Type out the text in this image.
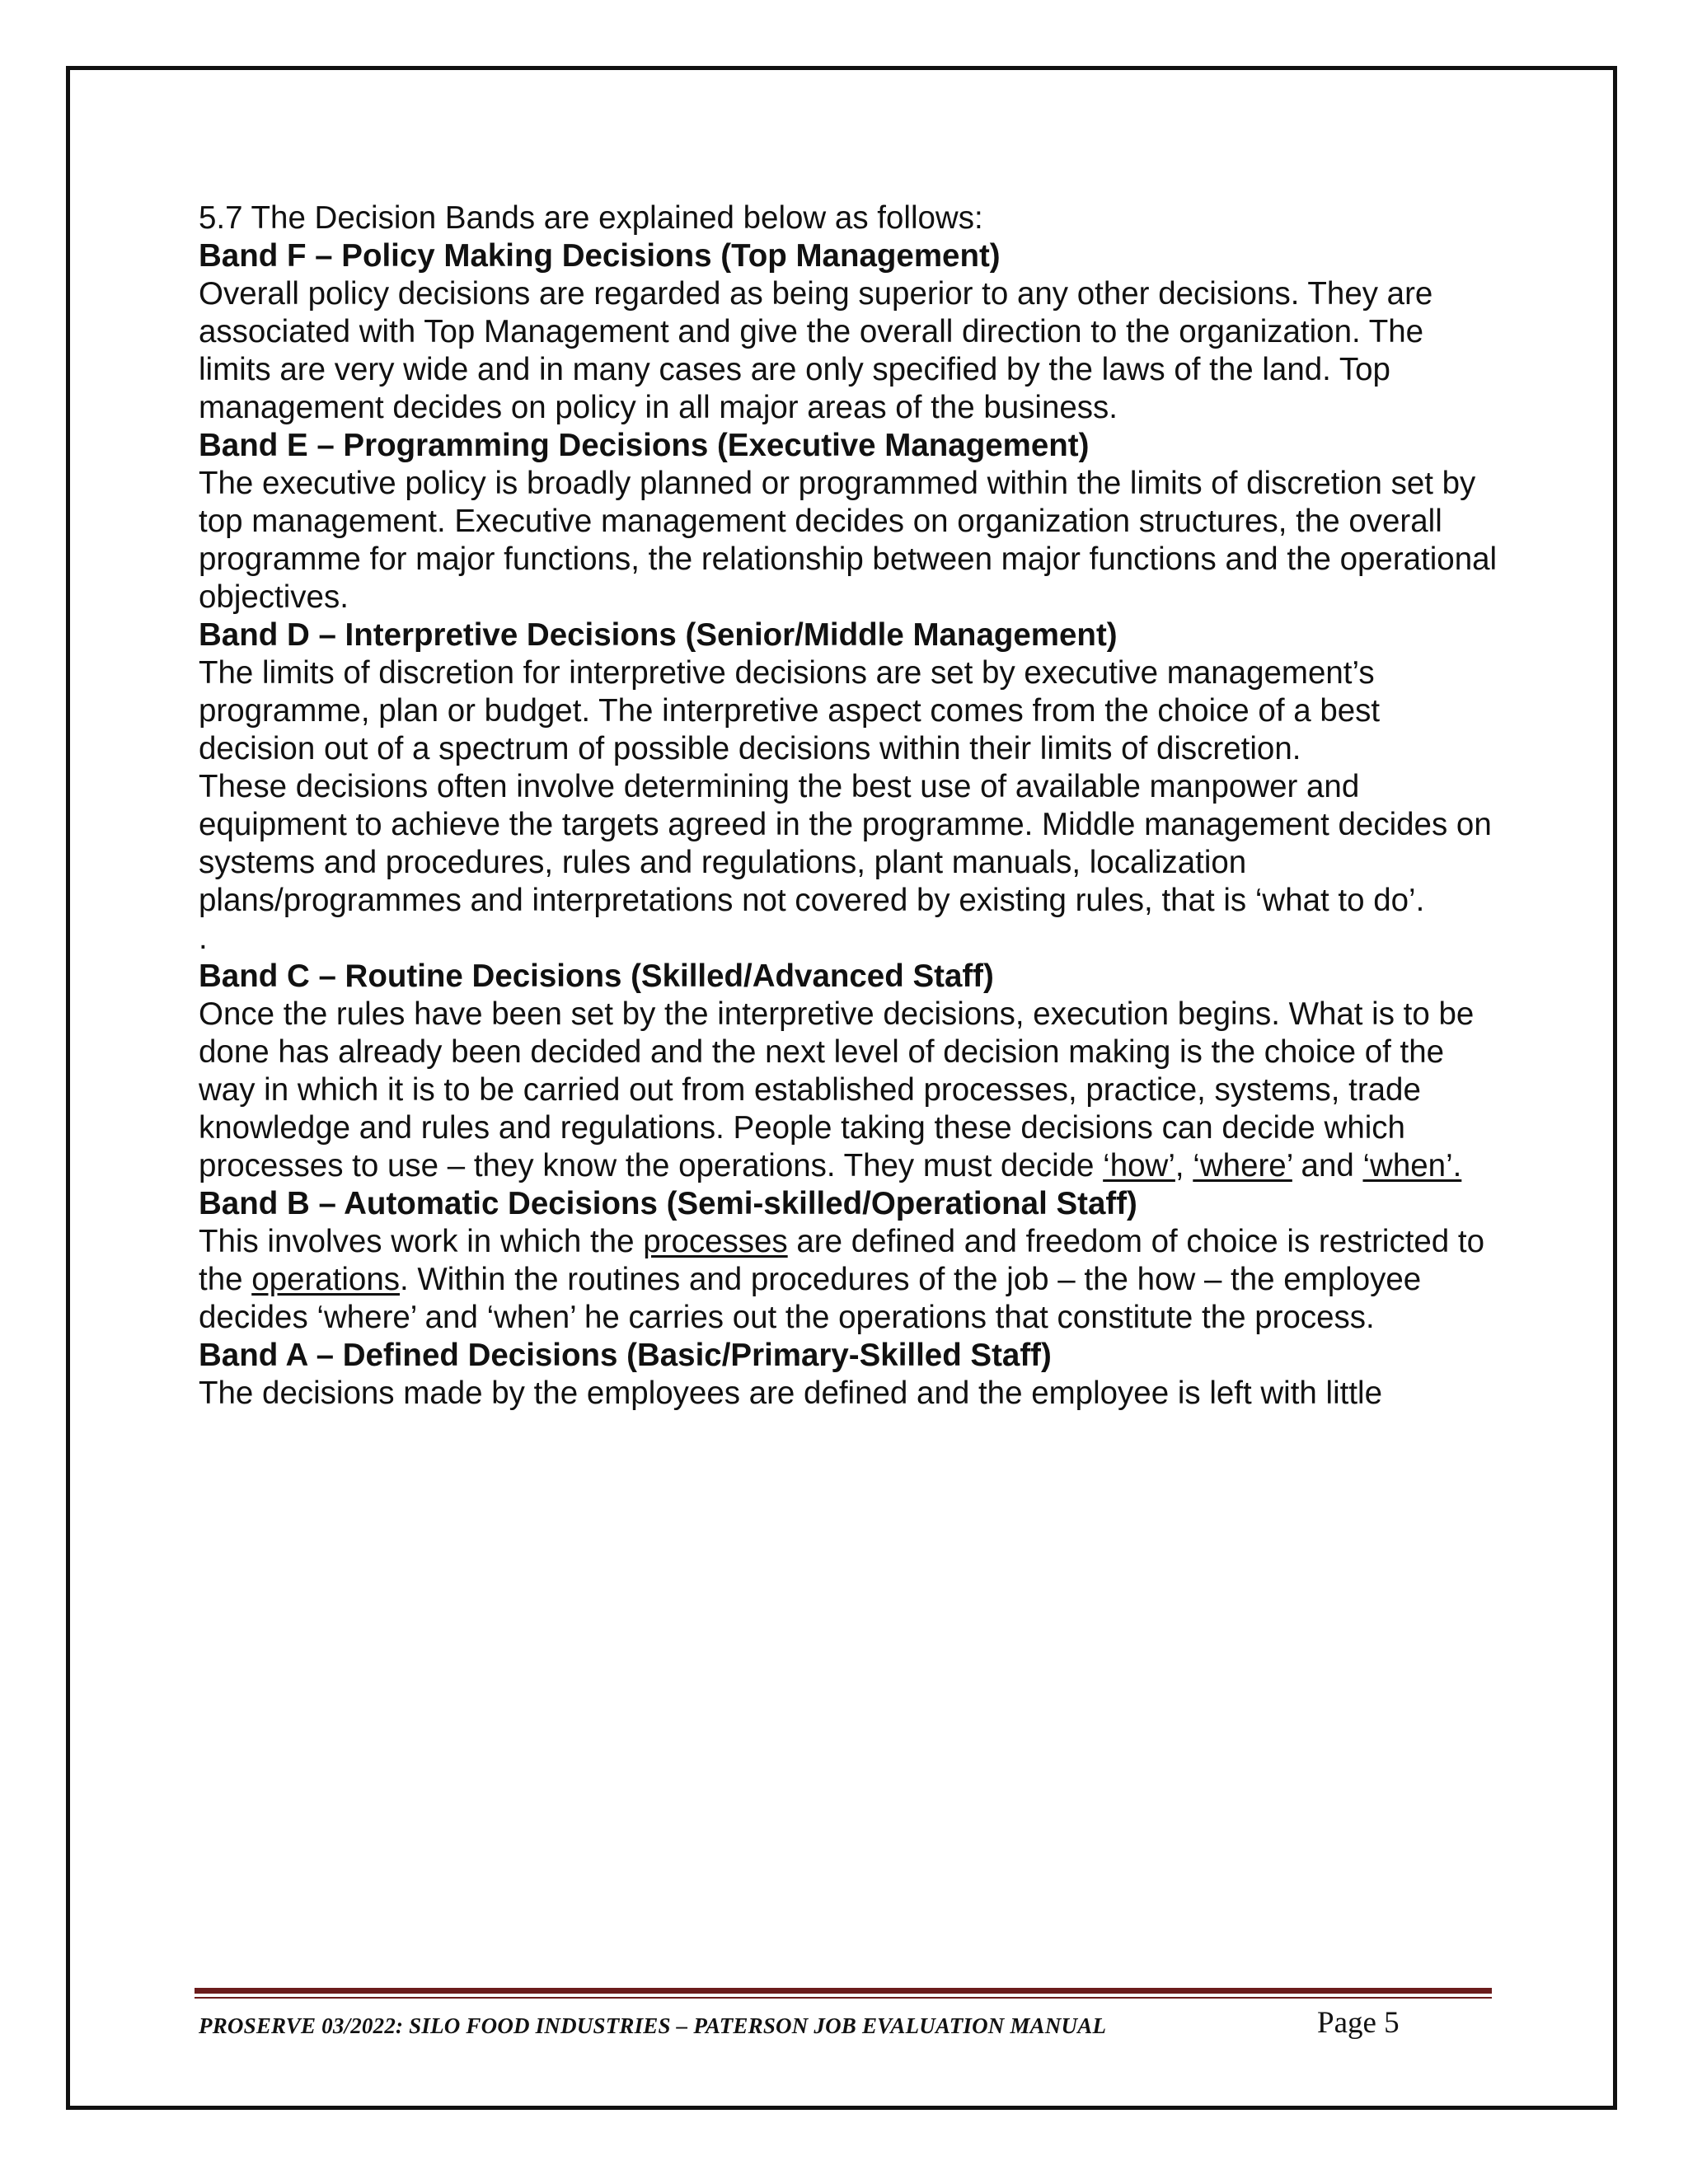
5.7 The Decision Bands are explained below as follows:

Band F – Policy Making Decisions (Top Management)

Overall policy decisions are regarded as being superior to any other decisions. They are associated with Top Management and give the overall direction to the organization. The limits are very wide and in many cases are only specified by the laws of the land. Top management decides on policy in all major areas of the business.

Band E – Programming Decisions (Executive Management)

The executive policy is broadly planned or programmed within the limits of discretion set by top management. Executive management decides on organization structures, the overall programme for major functions, the relationship between major functions and the operational objectives.

Band D – Interpretive Decisions (Senior/Middle Management)

The limits of discretion for interpretive decisions are set by executive management’s programme, plan or budget. The interpretive aspect comes from the choice of a best decision out of a spectrum of possible decisions within their limits of discretion.

These decisions often involve determining the best use of available manpower and equipment to achieve the targets agreed in the programme. Middle management decides on systems and procedures, rules and regulations, plant manuals, localization plans/programmes and interpretations not covered by existing rules, that is ‘what to do’.

.

Band C – Routine Decisions (Skilled/Advanced Staff)

Once the rules have been set by the interpretive decisions, execution begins. What is to be done has already been decided and the next level of decision making is the choice of the way in which it is to be carried out from established processes, practice, systems, trade knowledge and rules and regulations. People taking these decisions can decide which processes to use – they know the operations. They must decide ‘how’, ‘where’ and ‘when’.

Band B – Automatic Decisions (Semi-skilled/Operational Staff)

This involves work in which the processes are defined and freedom of choice is restricted to the operations. Within the routines and procedures of the job – the how – the employee decides ‘where’ and ‘when’ he carries out the operations that constitute the process.

Band A – Defined Decisions (Basic/Primary-Skilled Staff)

The decisions made by the employees are defined and the employee is left with little

PROSERVE 03/2022: SILO FOOD INDUSTRIES – PATERSON JOB EVALUATION MANUAL	Page 5
